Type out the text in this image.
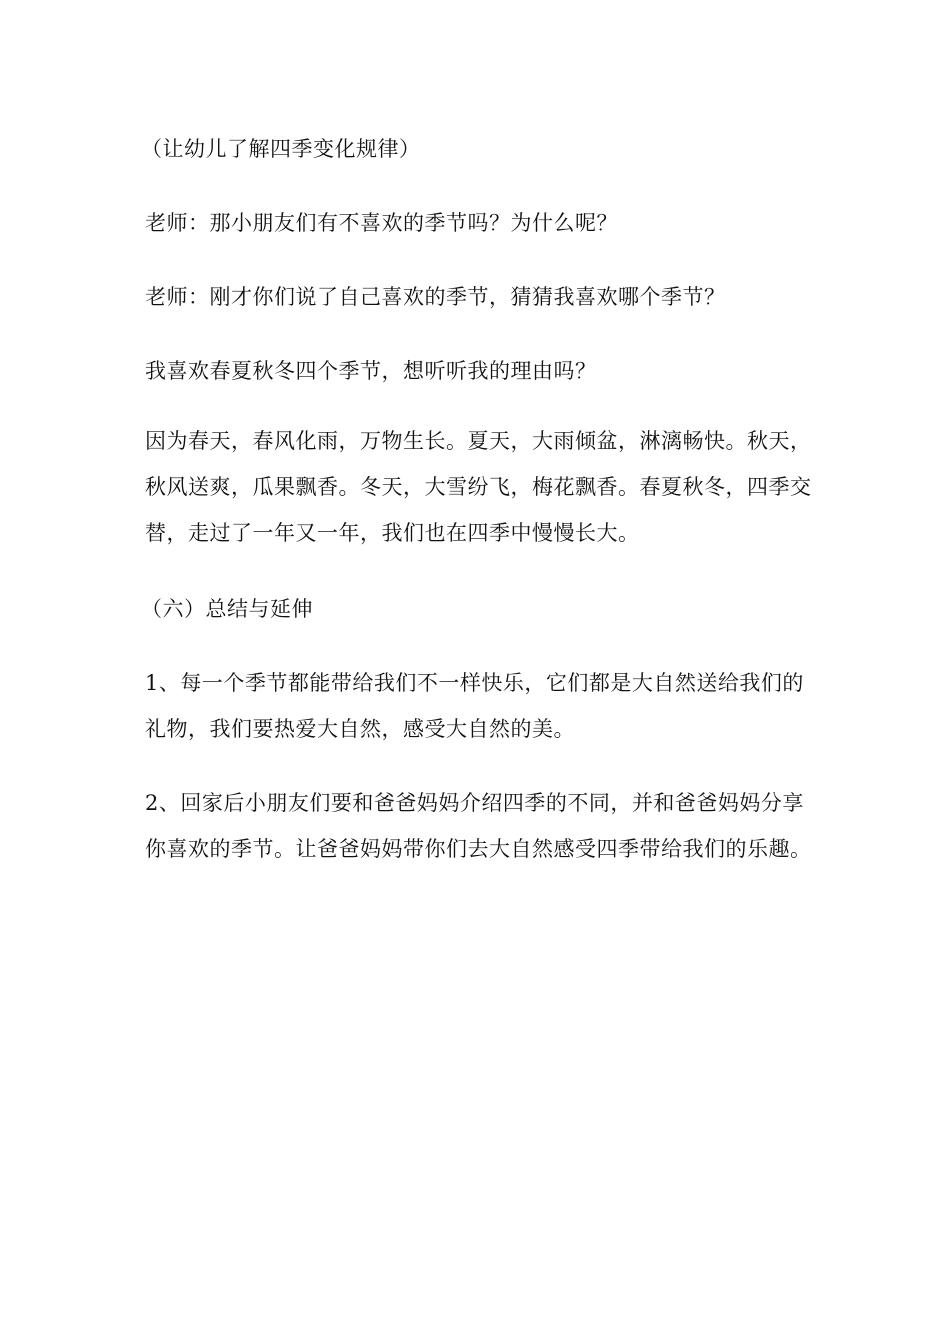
（让幼儿了解四季变化规律）

老师：那小朋友们有不喜欢的季节吗？为什么呢？

老师：刚才你们说了自己喜欢的季节，猜猜我喜欢哪个季节？

我喜欢春夏秋冬四个季节，想听听我的理由吗？

因为春天，春风化雨，万物生长。夏天，大雨倾盆，淋漓畅快。秋天，秋风送爽，瓜果飘香。冬天，大雪纷飞，梅花飘香。春夏秋冬，四季交替，走过了一年又一年，我们也在四季中慢慢长大。

（六）总结与延伸

1、每一个季节都能带给我们不一样快乐，它们都是大自然送给我们的礼物，我们要热爱大自然，感受大自然的美。

2、回家后小朋友们要和爸爸妈妈介绍四季的不同，并和爸爸妈妈分享你喜欢的季节。让爸爸妈妈带你们去大自然感受四季带给我们的乐趣。
